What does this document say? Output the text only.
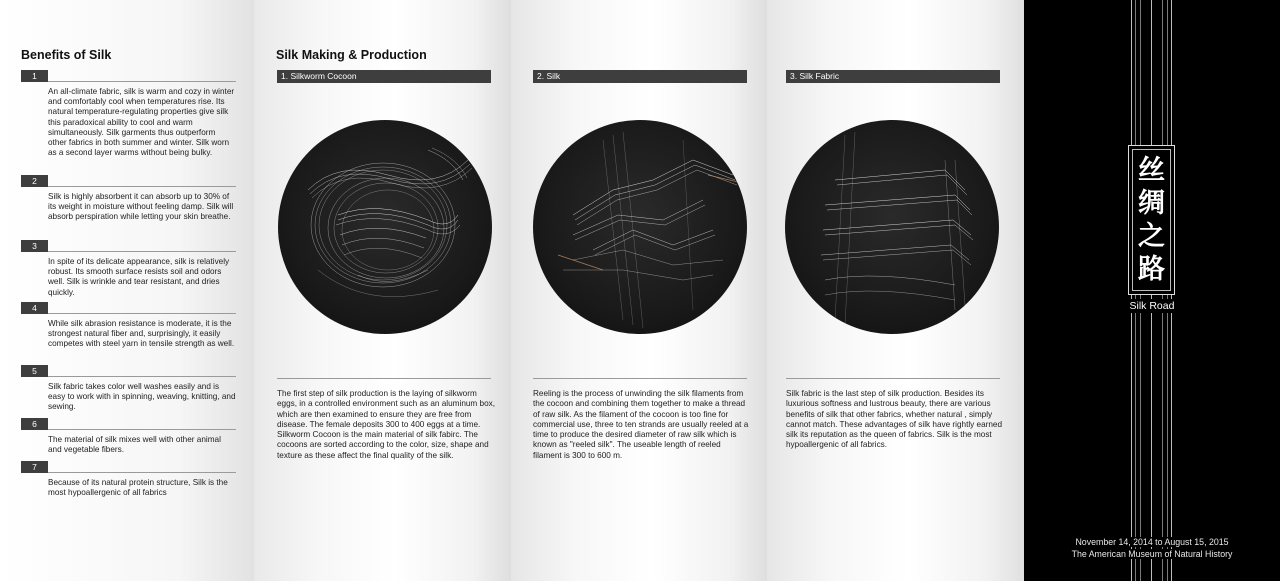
Benefits of Silk
1
An all-climate fabric, silk is warm and cozy in winter and comfortably cool when temperatures rise. Its natural temperature-regulating properties give silk this paradoxical ability to cool and warm simultaneously. Silk garments thus outperform other fabrics in both summer and winter. Silk worn as a second layer warms without being bulky.
2
Silk is highly absorbent it can absorb up to 30% of its weight in moisture without feeling damp. Silk will absorb perspiration while letting your skin breathe.
3
In spite of its delicate appearance, silk is relatively robust. Its smooth surface resists soil and odors well. Silk is wrinkle and tear resistant, and dries quickly.
4
While silk abrasion resistance is moderate, it is the strongest natural fiber and, surprisingly, it easily competes with steel yarn in tensile strength as well.
5
Silk fabric takes color well washes easily and is easy to work with in spinning, weaving, knitting, and sewing.
6
The material of silk mixes well with other animal and vegetable fibers.
7
Because of its natural protein structure, Silk is the most hypoallergenic of all fabrics
Silk Making & Production
1. Silkworm Cocoon
The first step of silk production is the laying of silkworm eggs, in a controlled environment such as an aluminum box, which are then examined to ensure they are free from disease. The female deposits 300 to 400 eggs at a time. Silkworm Cocoon is the main material of silk fabirc. The cocoons are sorted according to the color, size, shape and texture as these affect the final quality of the silk.
2. Silk
Reeling is the process of unwinding the silk filaments from the cocoon and combining them together to make a thread of raw silk. As the filament of the cocoon is too fine for commercial use, three to ten strands are usually reeled at a time to produce the desired diameter of raw silk which is known as "reeled silk". The useable length of reeled filament is 300 to 600 m.
3. Silk Fabric
Silk fabric is the last step of silk production. Besides its luxurious softness and lustrous beauty, there are various benefits of silk that other fabrics, whether natural , simply cannot match. These advantages of silk have rightly earned silk its reputation as the queen of fabrics. Silk is the most hypoallergenic of all fabrics.
丝
绸
之
路
Silk Road
November 14, 2014 to August 15, 2015
The American Museum of Natural History
